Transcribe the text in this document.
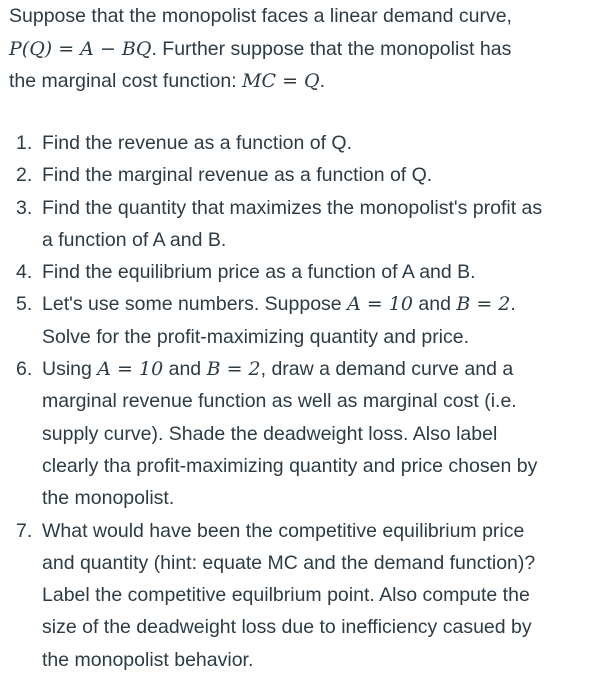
Suppose that the monopolist faces a linear demand curve,
P(Q) = A − BQ. Further suppose that the monopolist has
the marginal cost function: MC = Q.

1. Find the revenue as a function of Q.
2. Find the marginal revenue as a function of Q.
3. Find the quantity that maximizes the monopolist's profit as
a function of A and B.
4. Find the equilibrium price as a function of A and B.
5. Let's use some numbers. Suppose A = 10 and B = 2.
Solve for the profit-maximizing quantity and price.
6. Using A = 10 and B = 2, draw a demand curve and a
marginal revenue function as well as marginal cost (i.e.
supply curve). Shade the deadweight loss. Also label
clearly tha profit-maximizing quantity and price chosen by
the monopolist.
7. What would have been the competitive equilibrium price
and quantity (hint: equate MC and the demand function)?
Label the competitive equilbrium point. Also compute the
size of the deadweight loss due to inefficiency casued by
the monopolist behavior.
